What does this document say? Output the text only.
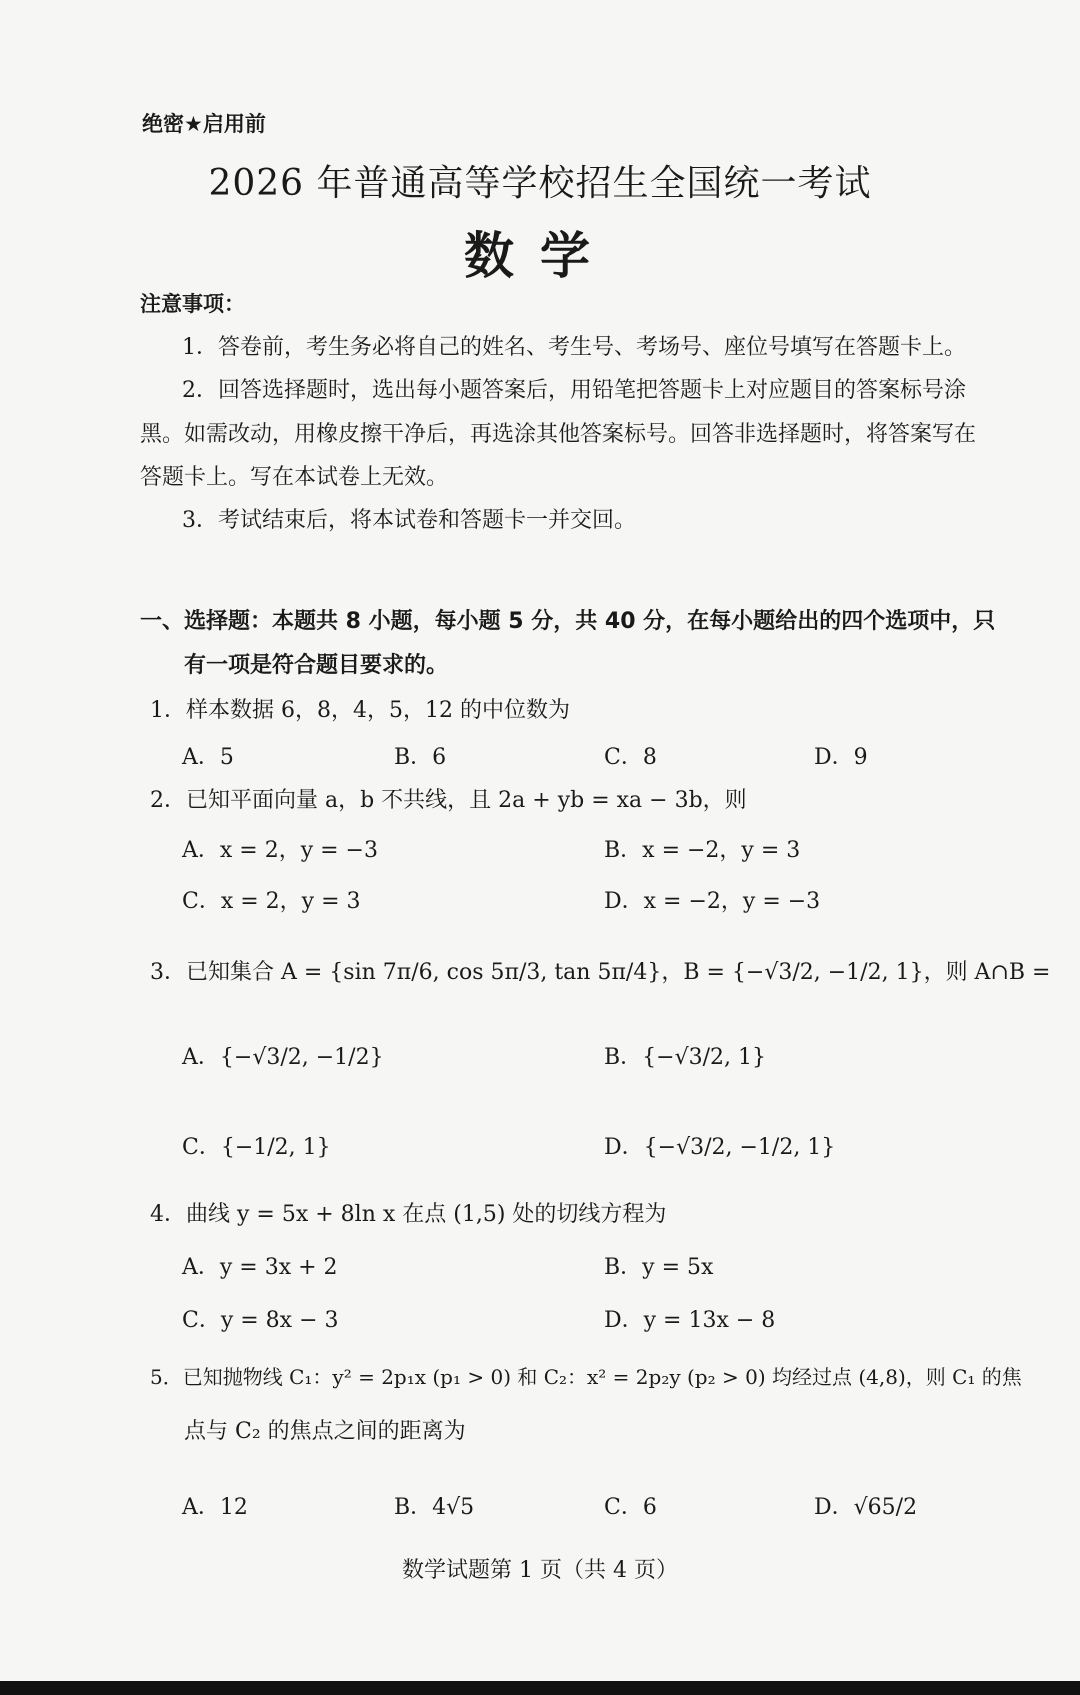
绝密★启用前
2026 年普通高等学校招生全国统一考试
数学
注意事项：
1．答卷前，考生务必将自己的姓名、考生号、考场号、座位号填写在答题卡上。
2．回答选择题时，选出每小题答案后，用铅笔把答题卡上对应题目的答案标号涂
黑。如需改动，用橡皮擦干净后，再选涂其他答案标号。回答非选择题时，将答案写在
答题卡上。写在本试卷上无效。
3．考试结束后，将本试卷和答题卡一并交回。
一、选择题：本题共 8 小题，每小题 5 分，共 40 分，在每小题给出的四个选项中，只
有一项是符合题目要求的。
1．样本数据 6，8，4，5，12 的中位数为
A．5	B．6	C．8	D．9
2．已知平面向量 a，b 不共线，且 2a + yb = xa − 3b，则
A．x = 2，y = −3	B．x = −2，y = 3
C．x = 2，y = 3	D．x = −2，y = −3
3．已知集合 A = {sin 7π/6, cos 5π/3, tan 5π/4}，B = {−√3/2, −1/2, 1}，则 A∩B =
A．{−√3/2, −1/2}	B．{−√3/2, 1}
C．{−1/2, 1}	D．{−√3/2, −1/2, 1}
4．曲线 y = 5x + 8ln x 在点 (1,5) 处的切线方程为
A．y = 3x + 2	B．y = 5x
C．y = 8x − 3	D．y = 13x − 8
5．已知抛物线 C₁：y² = 2p₁x (p₁ > 0) 和 C₂：x² = 2p₂y (p₂ > 0) 均经过点 (4,8)，则 C₁ 的焦
点与 C₂ 的焦点之间的距离为
A．12	B．4√5	C．6	D．√65/2
数学试题第 1 页（共 4 页）
